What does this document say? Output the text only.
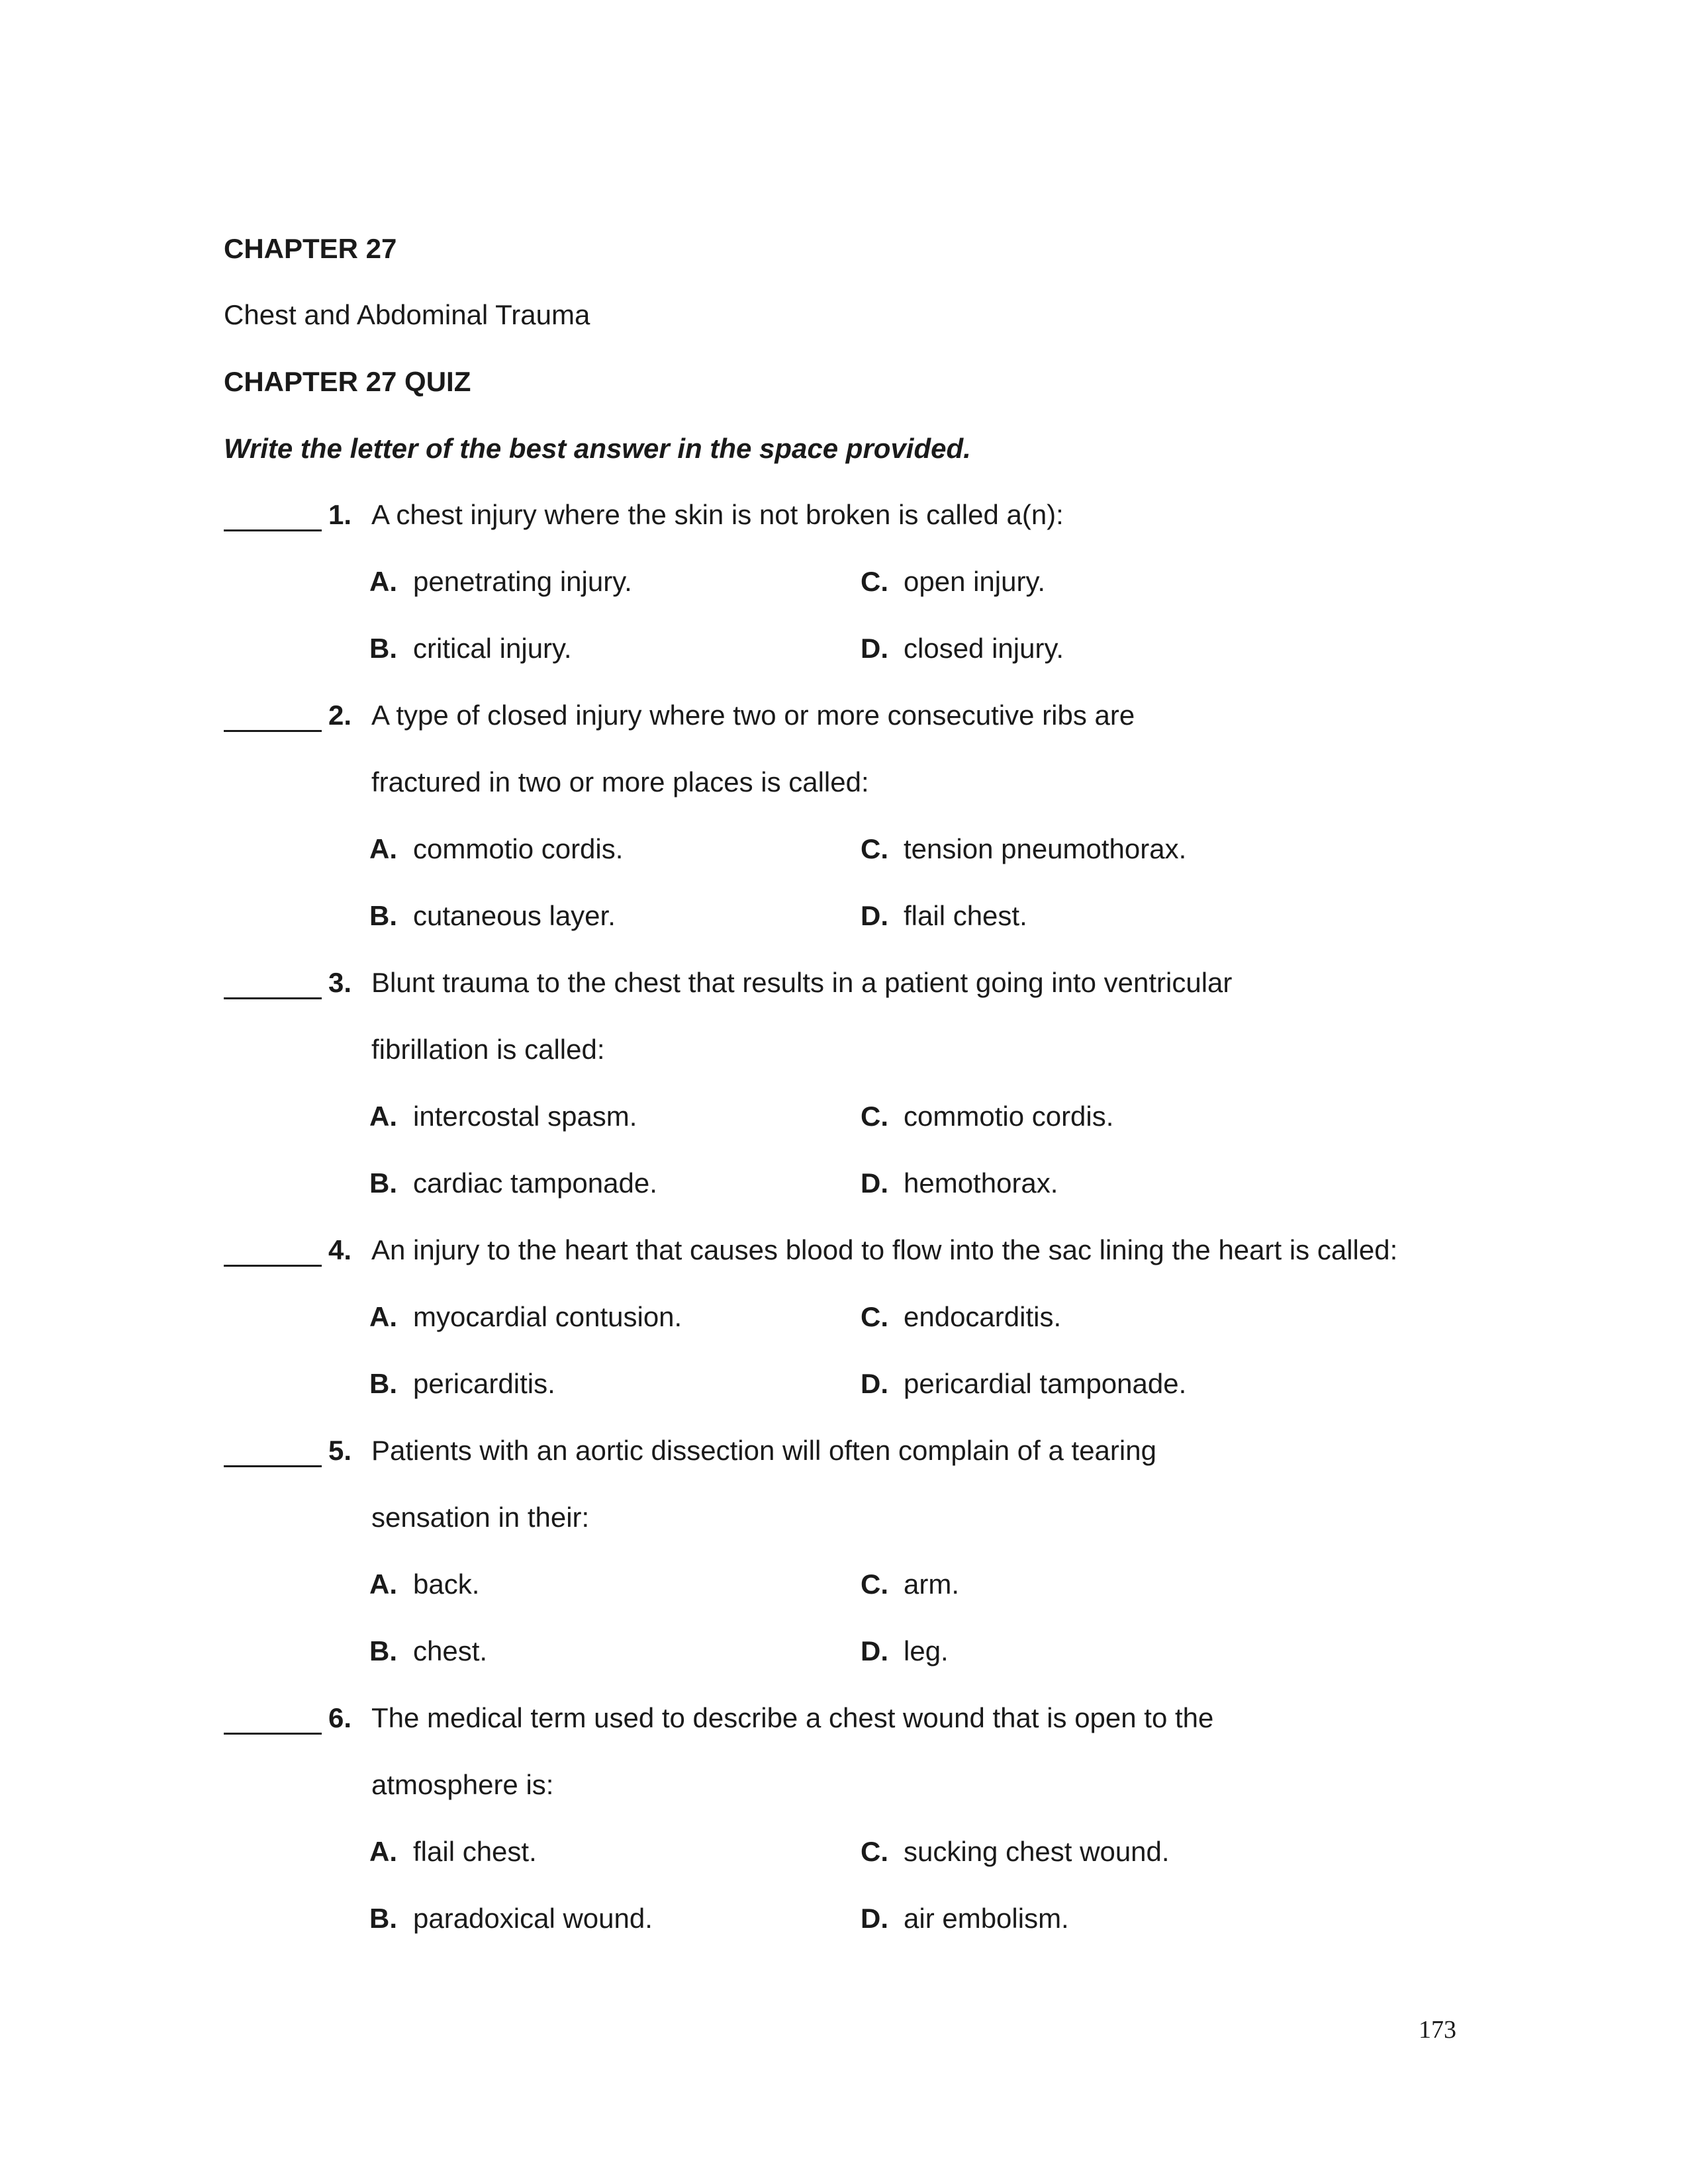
CHAPTER 27
Chest and Abdominal Trauma
CHAPTER 27 QUIZ
Write the letter of the best answer in the space provided.
1. A chest injury where the skin is not broken is called a(n):
A. penetrating injury.
B. critical injury.
C. open injury.
D. closed injury.
2. A type of closed injury where two or more consecutive ribs are
fractured in two or more places is called:
A. commotio cordis.
B. cutaneous layer.
C. tension pneumothorax.
D. flail chest.
3. Blunt trauma to the chest that results in a patient going into ventricular
fibrillation is called:
A. intercostal spasm.
B. cardiac tamponade.
C. commotio cordis.
D. hemothorax.
4. An injury to the heart that causes blood to flow into the sac lining the heart is called:
A. myocardial contusion.
B. pericarditis.
C. endocarditis.
D. pericardial tamponade.
5. Patients with an aortic dissection will often complain of a tearing
sensation in their:
A. back.
B. chest.
C. arm.
D. leg.
6. The medical term used to describe a chest wound that is open to the
atmosphere is:
A. flail chest.
B. paradoxical wound.
C. sucking chest wound.
D. air embolism.
173
